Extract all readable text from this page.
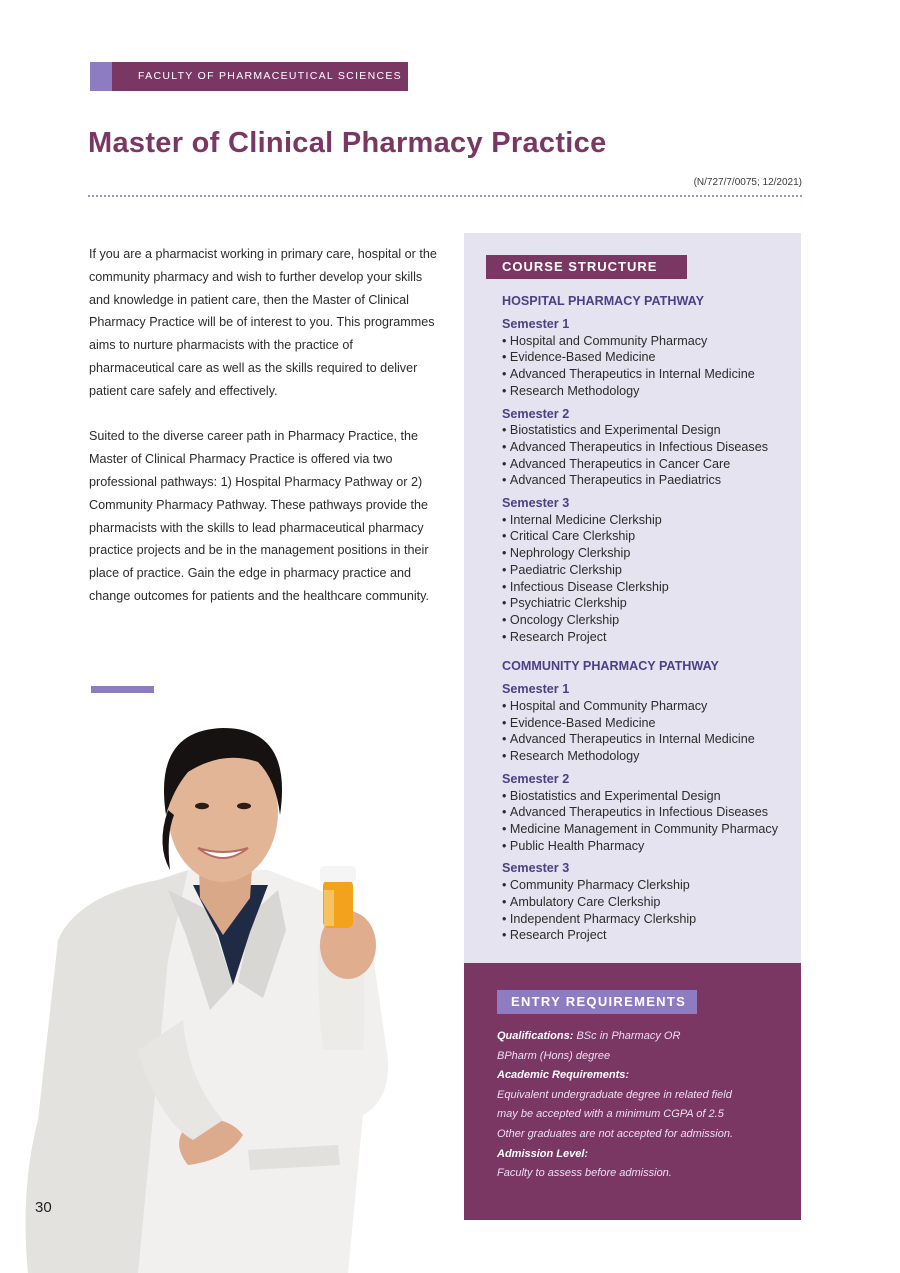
FACULTY OF PHARMACEUTICAL SCIENCES
Master of Clinical Pharmacy Practice
(N/727/7/0075; 12/2021)

If you are a pharmacist working in primary care, hospital or the community pharmacy and wish to further develop your skills and knowledge in patient care, then the Master of Clinical Pharmacy Practice will be of interest to you. This programmes aims to nurture pharmacists with the practice of pharmaceutical care as well as the skills required to deliver patient care safely and effectively.

Suited to the diverse career path in Pharmacy Practice, the Master of Clinical Pharmacy Practice is offered via two professional pathways: 1) Hospital Pharmacy Pathway or 2) Community Pharmacy Pathway. These pathways provide the pharmacists with the skills to lead pharmaceutical pharmacy practice projects and be in the management positions in their place of practice. Gain the edge in pharmacy practice and change outcomes for patients and the healthcare community.

30
COURSE STRUCTURE
HOSPITAL PHARMACY PATHWAY
Semester 1
• Hospital and Community Pharmacy
• Evidence-Based Medicine
• Advanced Therapeutics in Internal Medicine
• Research Methodology
Semester 2
• Biostatistics and Experimental Design
• Advanced Therapeutics in Infectious Diseases
• Advanced Therapeutics in Cancer Care
• Advanced Therapeutics in Paediatrics
Semester 3
• Internal Medicine Clerkship
• Critical Care Clerkship
• Nephrology Clerkship
• Paediatric Clerkship
• Infectious Disease Clerkship
• Psychiatric Clerkship
• Oncology Clerkship
• Research Project
COMMUNITY PHARMACY PATHWAY
Semester 1
• Hospital and Community Pharmacy
• Evidence-Based Medicine
• Advanced Therapeutics in Internal Medicine
• Research Methodology
Semester 2
• Biostatistics and Experimental Design
• Advanced Therapeutics in Infectious Diseases
• Medicine Management in Community Pharmacy
• Public Health Pharmacy
Semester 3
• Community Pharmacy Clerkship
• Ambulatory Care Clerkship
• Independent Pharmacy Clerkship
• Research Project
ENTRY REQUIREMENTS
Qualifications: BSc in Pharmacy OR
BPharm (Hons) degree
Academic Requirements:
Equivalent undergraduate degree in related field
may be accepted with a minimum CGPA of 2.5
Other graduates are not accepted for admission.
Admission Level:
Faculty to assess before admission.
